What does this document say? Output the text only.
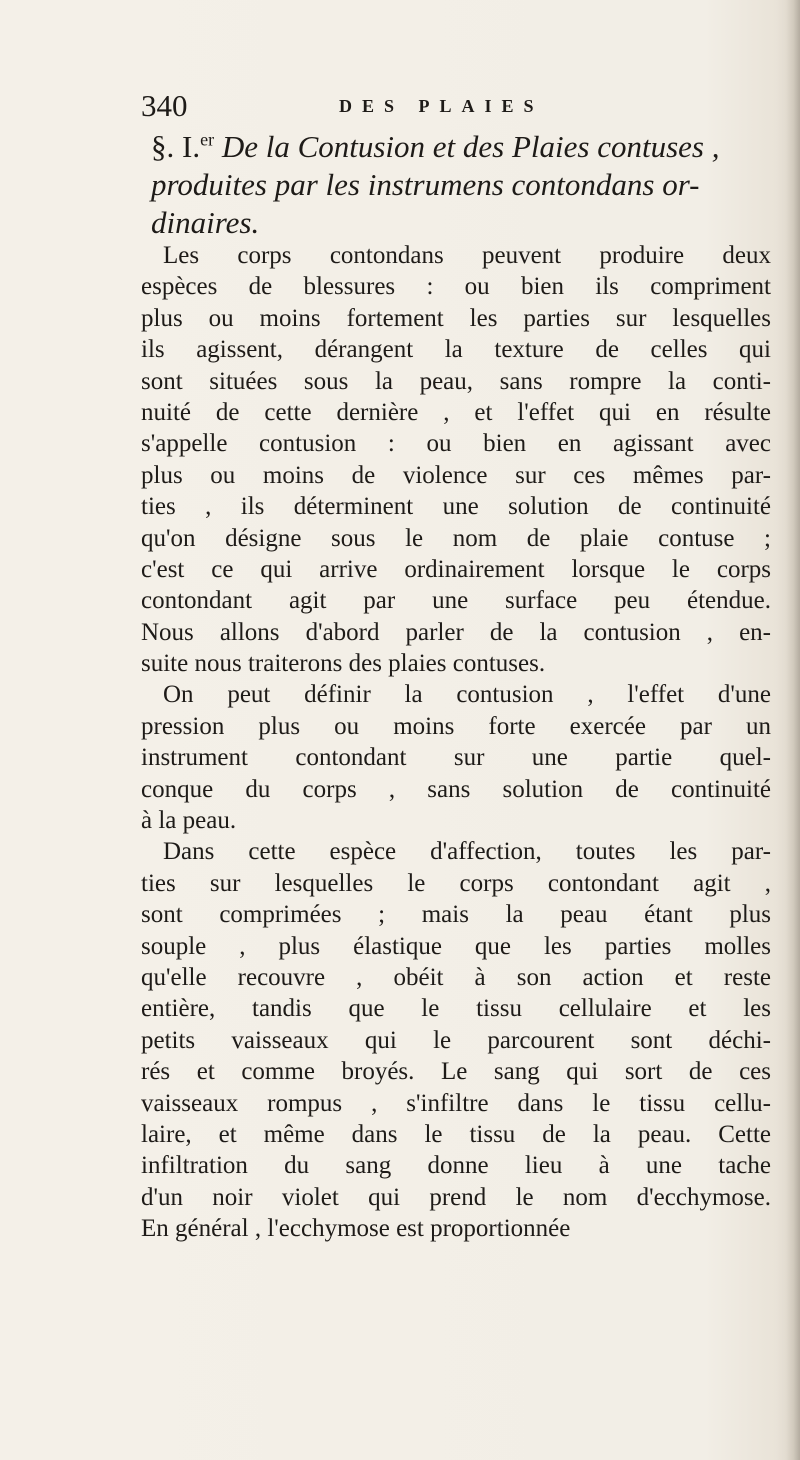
340	DES PLAIES
§. I.$^{er}$ De la Contusion et des Plaies contuses ,
produites par les instrumens contondans or-
dinaires.
Les corps contondans peuvent produire deux
espèces de blessures : ou bien ils compriment
plus ou moins fortement les parties sur lesquelles
ils agissent, dérangent la texture de celles qui
sont situées sous la peau, sans rompre la conti-
nuité de cette dernière , et l'effet qui en résulte
s'appelle contusion : ou bien en agissant avec
plus ou moins de violence sur ces mêmes par-
ties , ils déterminent une solution de continuité
qu'on désigne sous le nom de plaie contuse ;
c'est ce qui arrive ordinairement lorsque le corps
contondant agit par une surface peu étendue.
Nous allons d'abord parler de la contusion , en-
suite nous traiterons des plaies contuses.
On peut définir la contusion , l'effet d'une
pression plus ou moins forte exercée par un
instrument contondant sur une partie quel-
conque du corps , sans solution de continuité
à la peau.
Dans cette espèce d'affection, toutes les par-
ties sur lesquelles le corps contondant agit ,
sont comprimées ; mais la peau étant plus
souple , plus élastique que les parties molles
qu'elle recouvre , obéit à son action et reste
entière, tandis que le tissu cellulaire et les
petits vaisseaux qui le parcourent sont déchi-
rés et comme broyés. Le sang qui sort de ces
vaisseaux rompus , s'infiltre dans le tissu cellu-
laire, et même dans le tissu de la peau. Cette
infiltration du sang donne lieu à une tache
d'un noir violet qui prend le nom d'ecchymose.
En général , l'ecchymose est proportionnée
